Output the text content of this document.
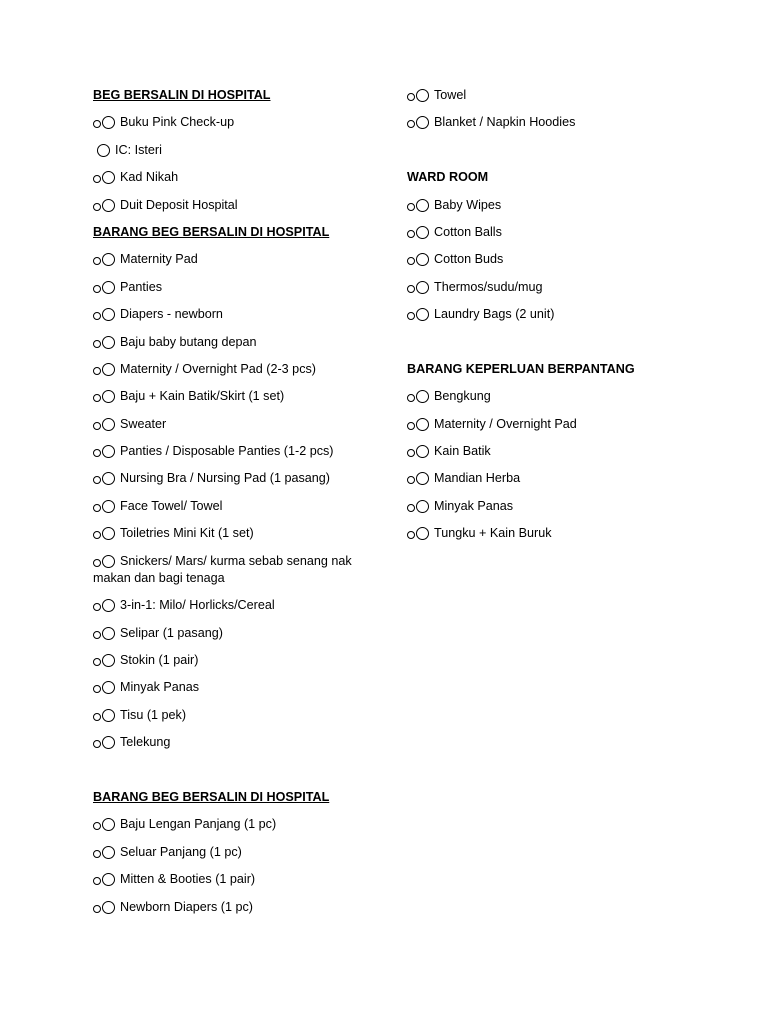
BEG BERSALIN DI HOSPITAL
Buku Pink Check-up
IC: Isteri
Kad Nikah
Duit Deposit Hospital
BARANG BEG BERSALIN DI HOSPITAL
Maternity Pad
Panties
Diapers - newborn
Baju baby butang depan
Maternity / Overnight Pad (2-3 pcs)
Baju + Kain Batik/Skirt (1 set)
Sweater
Panties / Disposable Panties (1-2 pcs)
Nursing Bra / Nursing Pad (1 pasang)
Face Towel/ Towel
Toiletries Mini Kit (1 set)
Snickers/ Mars/ kurma sebab senang nak makan dan bagi tenaga
3-in-1: Milo/ Horlicks/Cereal
Selipar (1 pasang)
Stokin (1 pair)
Minyak Panas
Tisu (1 pek)
Telekung
BARANG BEG BERSALIN DI HOSPITAL
Baju Lengan Panjang (1 pc)
Seluar Panjang (1 pc)
Mitten & Booties (1 pair)
Newborn Diapers (1 pc)
Towel
Blanket / Napkin Hoodies
WARD ROOM
Baby Wipes
Cotton Balls
Cotton Buds
Thermos/sudu/mug
Laundry Bags (2 unit)
BARANG KEPERLUAN BERPANTANG
Bengkung
Maternity / Overnight Pad
Kain Batik
Mandian Herba
Minyak Panas
Tungku + Kain Buruk
